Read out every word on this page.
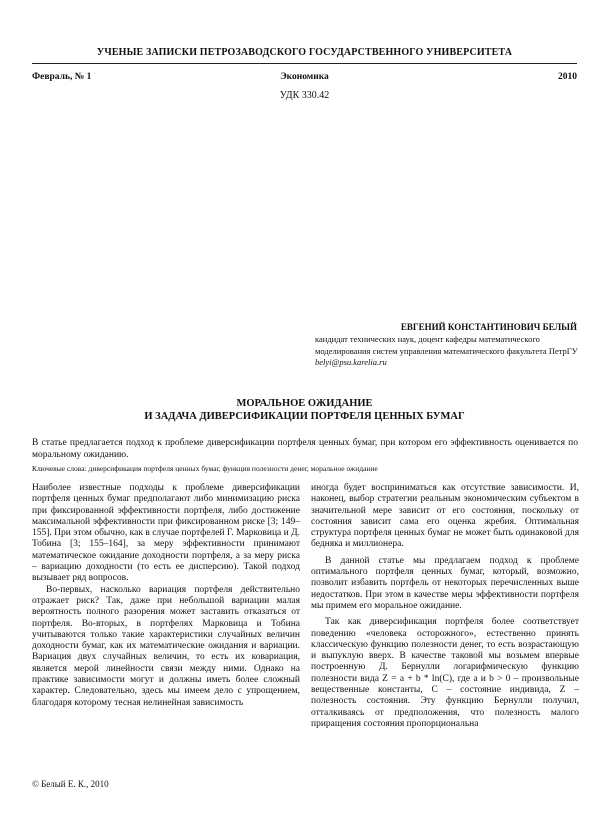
УЧЕНЫЕ ЗАПИСКИ ПЕТРОЗАВОДСКОГО ГОСУДАРСТВЕННОГО УНИВЕРСИТЕТА
Февраль, № 1	Экономика	2010
УДК 330.42
ЕВГЕНИЙ КОНСТАНТИНОВИЧ БЕЛЫЙ
кандидат технических наук, доцент кафедры математического моделирования систем управления математического факультета ПетрГУ
belyi@psu.karelia.ru
МОРАЛЬНОЕ ОЖИДАНИЕ
И ЗАДАЧА ДИВЕРСИФИКАЦИИ ПОРТФЕЛЯ ЦЕННЫХ БУМАГ
В статье предлагается подход к проблеме диверсификации портфеля ценных бумаг, при котором его эффективность оценивается по моральному ожиданию.
Ключевые слова: диверсификация портфеля ценных бумаг, функция полезности денег, моральное ожидание

Наиболее известные подходы к проблеме диверсификации портфеля ценных бумаг предполагают либо минимизацию риска при фиксированной эффективности портфеля, либо достижение максимальной эффективности при фиксированном риске [3; 149–155]. При этом обычно, как в случае портфелей Г. Марковица и Д. Тобина [3; 155–164], за меру эффективности принимают математическое ожидание доходности портфеля, а за меру риска – вариацию доходности (то есть ее дисперсию). Такой подход вызывает ряд вопросов.

Во-первых, насколько вариация портфеля действительно отражает риск? Так, даже при небольшой вариации малая вероятность полного разорения может заставить отказаться от портфеля. Во-вторых, в портфелях Марковица и Тобина учитываются только такие характеристики случайных величин доходности бумаг, как их математические ожидания и вариации. Вариация двух случайных величин, то есть их ковариация, является мерой линейности связи между ними. Однако на практике зависимости могут и должны иметь более сложный характер. Следовательно, здесь мы имеем дело с упрощением, благодаря которому тесная нелинейная зависимость

иногда будет восприниматься как отсутствие зависимости. И, наконец, выбор стратегии реальным экономическим субъектом в значительной мере зависит от его состояния, поскольку от состояния зависит сама его оценка жребия. Оптимальная структура портфеля ценных бумаг не может быть одинаковой для бедняка и миллионера.

В данной статье мы предлагаем подход к проблеме оптимального портфеля ценных бумаг, который, возможно, позволит избавить портфель от некоторых перечисленных выше недостатков. При этом в качестве меры эффективности портфеля мы примем его моральное ожидание.

Так как диверсификация портфеля более соответствует поведению «человека осторожного», естественно принять классическую функцию полезности денег, то есть возрастающую и выпуклую вверх. В качестве таковой мы возьмем впервые построенную Д. Бернулли логарифмическую функцию полезности вида Z = a + b * ln(C), где a и b > 0 – произвольные вещественные константы, C – состояние индивида, Z – полезность состояния. Эту функцию Бернулли получил, отталкиваясь от предположения, что полезность малого приращения состояния пропорциональна

© Белый Е. К., 2010
